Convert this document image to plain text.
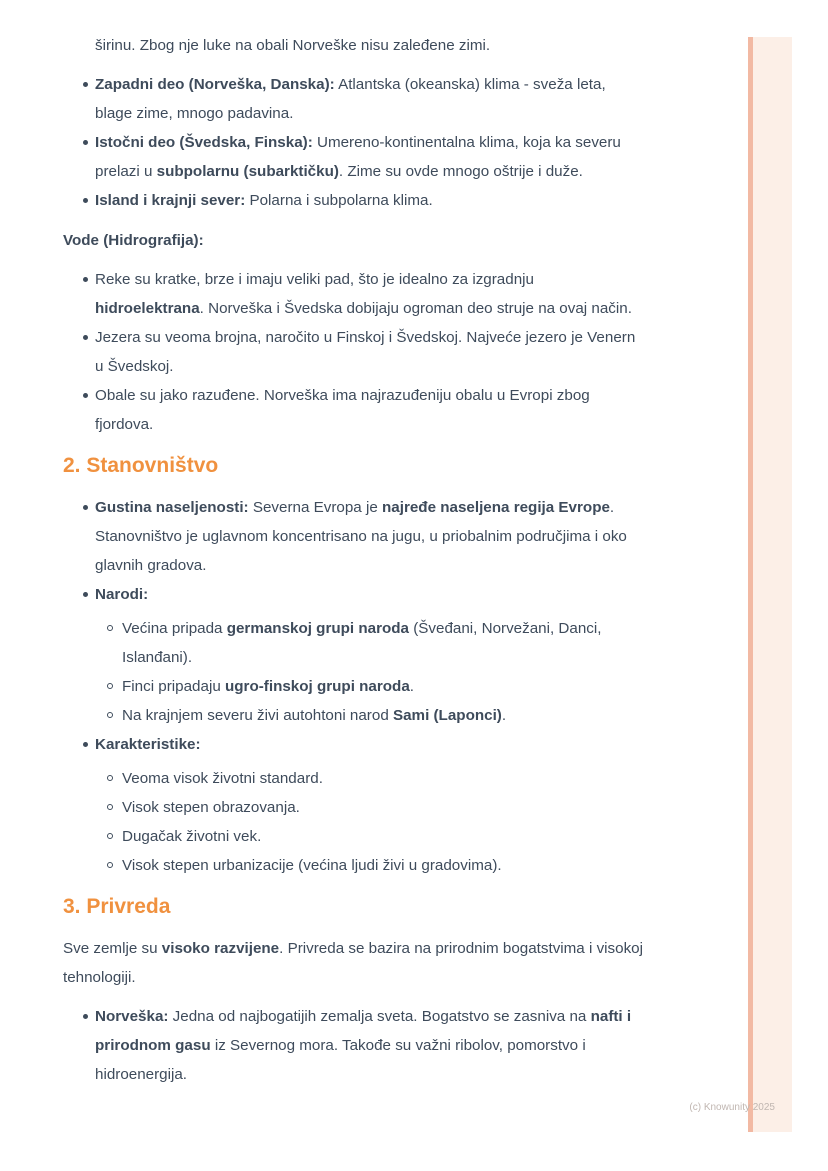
širinu. Zbog nje luke na obali Norveške nisu zaleđene zimi.

Zapadni deo (Norveška, Danska): Atlantska (okeanska) klima - sveža leta, blage zime, mnogo padavina.
Istočni deo (Švedska, Finska): Umereno-kontinentalna klima, koja ka severu prelazi u subpolarnu (subarktičku). Zime su ovde mnogo oštrije i duže.
Island i krajnji sever: Polarna i subpolarna klima.

Vode (Hidrografija):

Reke su kratke, brze i imaju veliki pad, što je idealno za izgradnju hidroelektrana. Norveška i Švedska dobijaju ogroman deo struje na ovaj način.
Jezera su veoma brojna, naročito u Finskoj i Švedskoj. Najveće jezero je Venern u Švedskoj.
Obale su jako razuđene. Norveška ima najrazuđeniju obalu u Evropi zbog fjordova.
2. Stanovništvo
Gustina naseljenosti: Severna Evropa je najređe naseljena regija Evrope. Stanovništvo je uglavnom koncentrisano na jugu, u priobalnim područjima i oko glavnih gradova.
Narodi:
Većina pripada germanskoj grupi naroda (Šveđani, Norvežani, Danci, Islanđani).
Finci pripadaju ugro-finskoj grupi naroda.
Na krajnjem severu živi autohtoni narod Sami (Laponci).
Karakteristike:
Veoma visok životni standard.
Visok stepen obrazovanja.
Dugačak životni vek.
Visok stepen urbanizacije (većina ljudi živi u gradovima).
3. Privreda

Sve zemlje su visoko razvijene. Privreda se bazira na prirodnim bogatstvima i visokoj tehnologiji.

Norveška: Jedna od najbogatijih zemalja sveta. Bogatstvo se zasniva na nafti i prirodnom gasu iz Severnog mora. Takođe su važni ribolov, pomorstvo i hidroenergija.
(c) Knowunity 2025
